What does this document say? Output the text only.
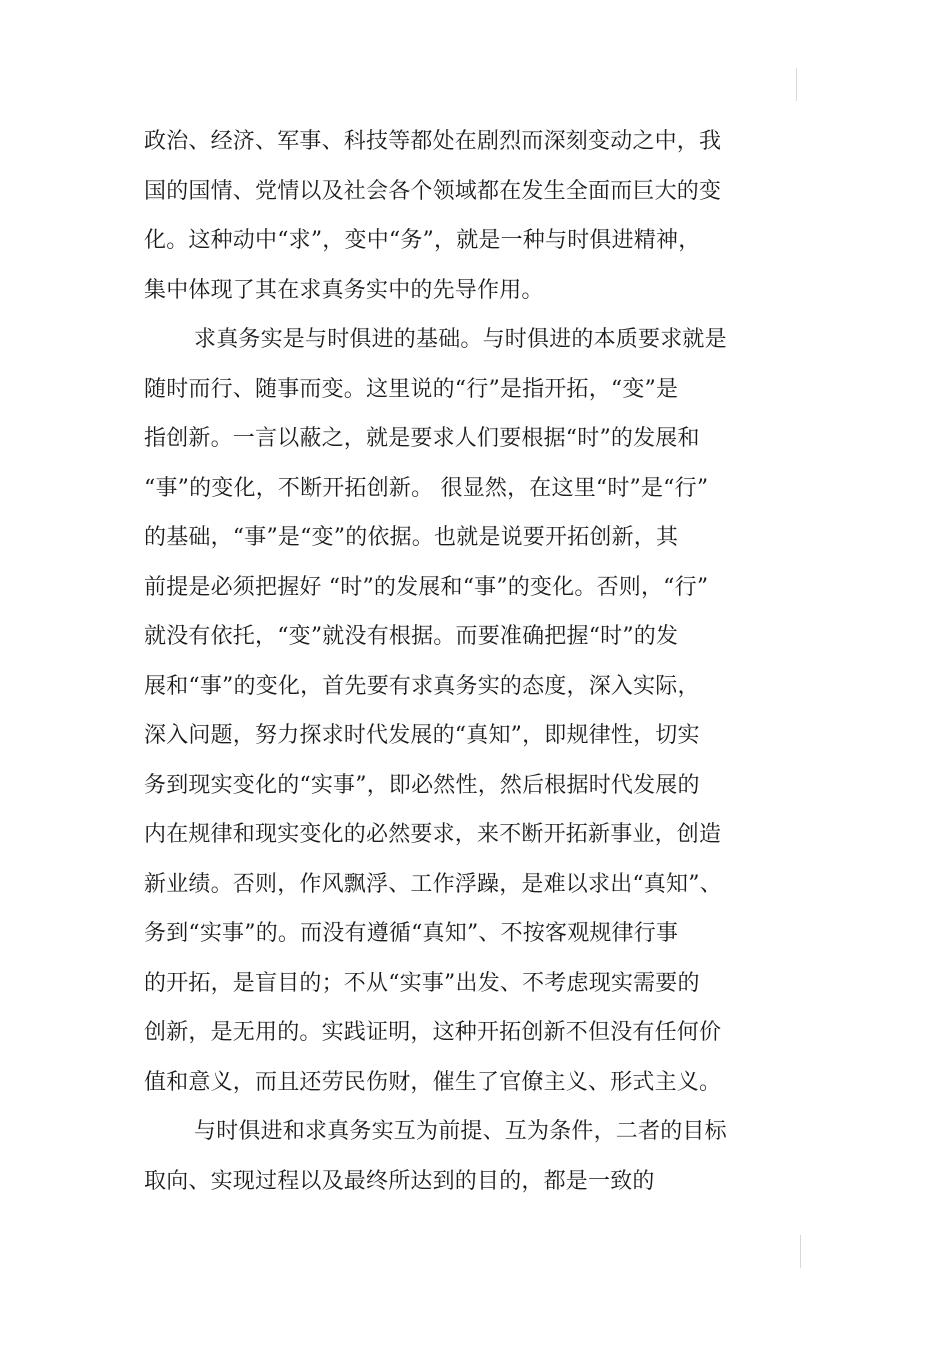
政治、经济、军事、科技等都处在剧烈而深刻变动之中，我
国的国情、党情以及社会各个领域都在发生全面而巨大的变
化。这种动中“求”，变中“务”，就是一种与时俱进精神，
集中体现了其在求真务实中的先导作用。
求真务实是与时俱进的基础。与时俱进的本质要求就是
随时而行、随事而变。这里说的“行”是指开拓，“变”是
指创新。一言以蔽之，就是要求人们要根据“时”的发展和
“事”的变化，不断开拓创新。 很显然，在这里“时”是“行”
的基础，“事”是“变”的依据。也就是说要开拓创新，其
前提是必须把握好 “时”的发展和“事”的变化。否则，“行”
就没有依托，“变”就没有根据。而要准确把握“时”的发
展和“事”的变化，首先要有求真务实的态度，深入实际，
深入问题，努力探求时代发展的“真知”，即规律性，切实
务到现实变化的“实事”，即必然性，然后根据时代发展的
内在规律和现实变化的必然要求，来不断开拓新事业，创造
新业绩。否则，作风飘浮、工作浮躁，是难以求出“真知”、
务到“实事”的。而没有遵循“真知”、不按客观规律行事
的开拓，是盲目的；不从“实事”出发、不考虑现实需要的
创新，是无用的。实践证明，这种开拓创新不但没有任何价
值和意义，而且还劳民伤财，催生了官僚主义、形式主义。
与时俱进和求真务实互为前提、互为条件，二者的目标
取向、实现过程以及最终所达到的目的，都是一致的
